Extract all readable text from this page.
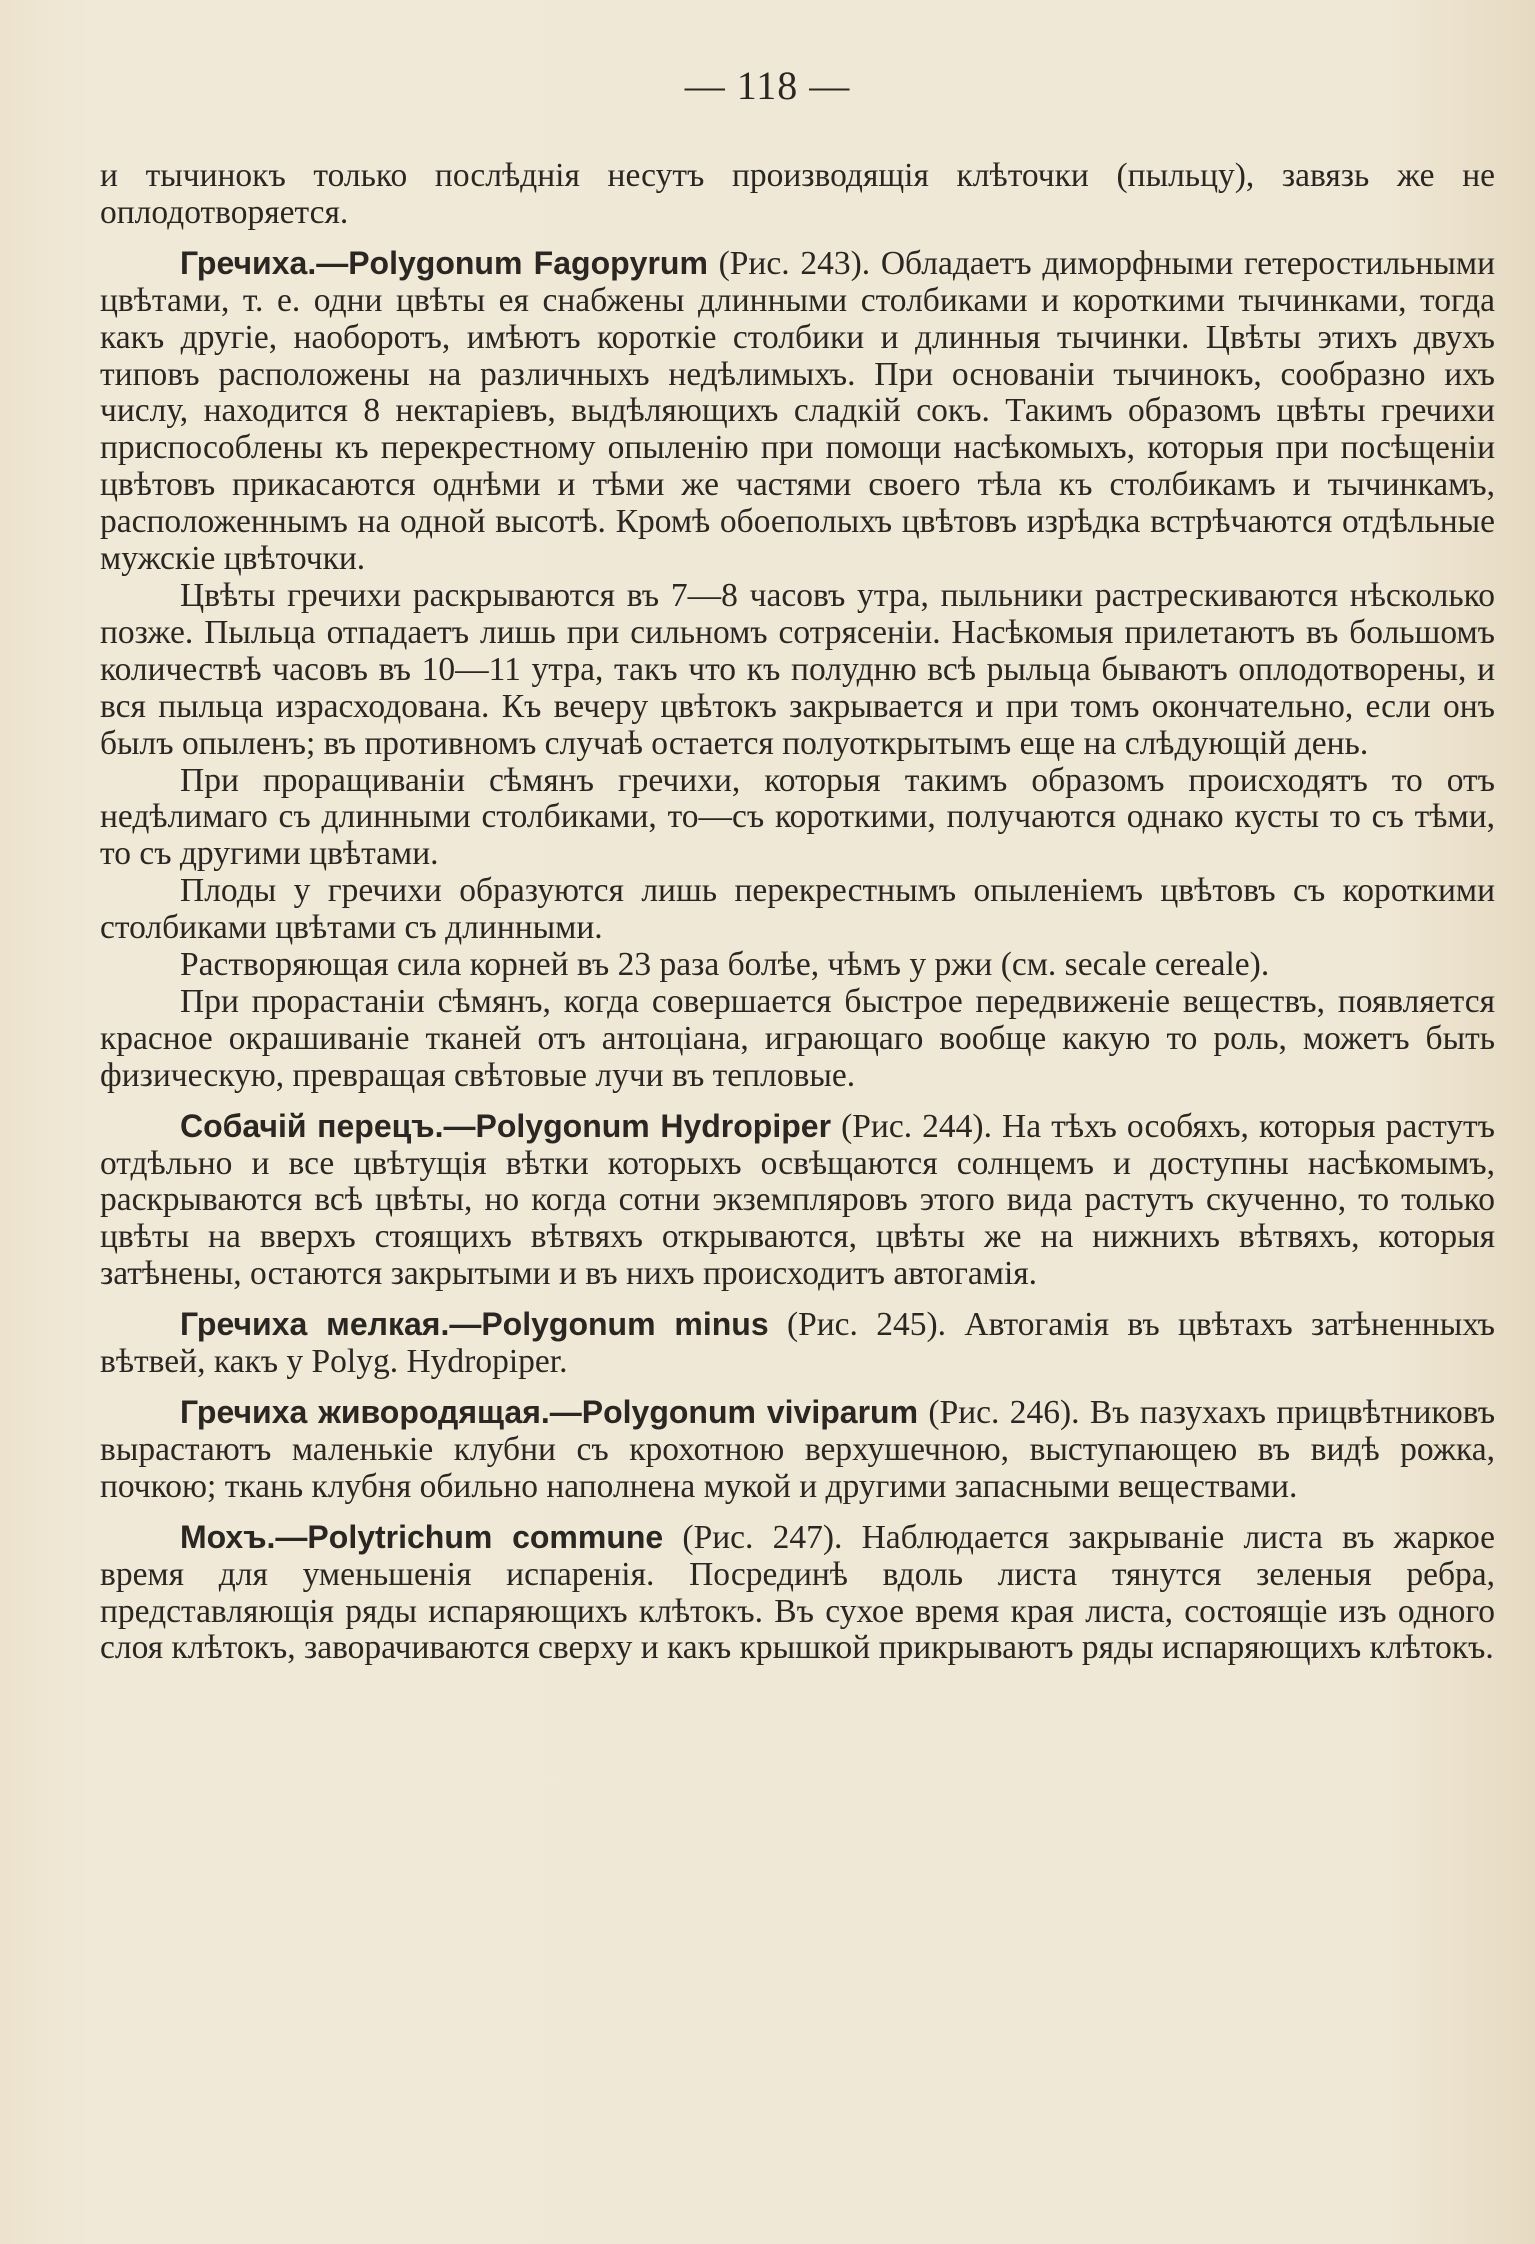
— 118 —

и тычинокъ только послѣднія несутъ производящія клѣточки (пыльцу), завязь же не оплодотворяется.

Гречиха.—Polygonum Fagopyrum (Рис. 243). Обладаетъ диморфными гетеростильными цвѣтами, т. е. одни цвѣты ея снабжены длинными столбиками и короткими тычинками, тогда какъ другіе, наоборотъ, имѣютъ короткіе столбики и длинныя тычинки. Цвѣты этихъ двухъ типовъ расположены на различныхъ недѣлимыхъ. При основаніи тычинокъ, сообразно ихъ числу, находится 8 нектаріевъ, выдѣляющихъ сладкій сокъ. Такимъ образомъ цвѣты гречихи приспособлены къ перекрестному опыленію при помощи насѣкомыхъ, которыя при посѣщеніи цвѣтовъ прикасаются однѣми и тѣми же частями своего тѣла къ столбикамъ и тычинкамъ, расположеннымъ на одной высотѣ. Кромѣ обоеполыхъ цвѣтовъ изрѣдка встрѣчаются отдѣльные мужскіе цвѣточки.

Цвѣты гречихи раскрываются въ 7—8 часовъ утра, пыльники растрескиваются нѣсколько позже. Пыльца отпадаетъ лишь при сильномъ сотрясеніи. Насѣкомыя прилетаютъ въ большомъ количествѣ часовъ въ 10—11 утра, такъ что къ полудню всѣ рыльца бываютъ оплодотворены, и вся пыльца израсходована. Къ вечеру цвѣтокъ закрывается и при томъ окончательно, если онъ былъ опыленъ; въ противномъ случаѣ остается полуоткрытымъ еще на слѣдующій день.

При проращиваніи сѣмянъ гречихи, которыя такимъ образомъ происходятъ то отъ недѣлимаго съ длинными столбиками, то—съ короткими, получаются однако кусты то съ тѣми, то съ другими цвѣтами.

Плоды у гречихи образуются лишь перекрестнымъ опыленіемъ цвѣтовъ съ короткими столбиками цвѣтами съ длинными.

Растворяющая сила корней въ 23 раза болѣе, чѣмъ у ржи (см. secale cereale).

При прорастаніи сѣмянъ, когда совершается быстрое передвиженіе веществъ, появляется красное окрашиваніе тканей отъ антоціана, играющаго вообще какую то роль, можетъ быть физическую, превращая свѣтовые лучи въ тепловые.

Собачій перецъ.—Polygonum Hydropiper (Рис. 244). На тѣхъ особяхъ, которыя растутъ отдѣльно и все цвѣтущія вѣтки которыхъ освѣщаются солнцемъ и доступны насѣкомымъ, раскрываются всѣ цвѣты, но когда сотни экземпляровъ этого вида растутъ скученно, то только цвѣты на вверхъ стоящихъ вѣтвяхъ открываются, цвѣты же на нижнихъ вѣтвяхъ, которыя затѣнены, остаются закрытыми и въ нихъ происходитъ автогамія.

Гречиха мелкая.—Polygonum minus (Рис. 245). Автогамія въ цвѣтахъ затѣненныхъ вѣтвей, какъ у Polyg. Hydropiper.

Гречиха живородящая.—Polygonum viviparum (Рис. 246). Въ пазухахъ прицвѣтниковъ вырастаютъ маленькіе клубни съ крохотною верхушечною, выступающею въ видѣ рожка, почкою; ткань клубня обильно наполнена мукой и другими запасными веществами.

Мохъ.—Polytrichum commune (Рис. 247). Наблюдается закрываніе листа въ жаркое время для уменьшенія испаренія. Посрединѣ вдоль листа тянутся зеленыя ребра, представляющія ряды испаряющихъ клѣтокъ. Въ сухое время края листа, состоящіе изъ одного слоя клѣтокъ, заворачиваются сверху и какъ крышкой прикрываютъ ряды испаряющихъ клѣтокъ.
